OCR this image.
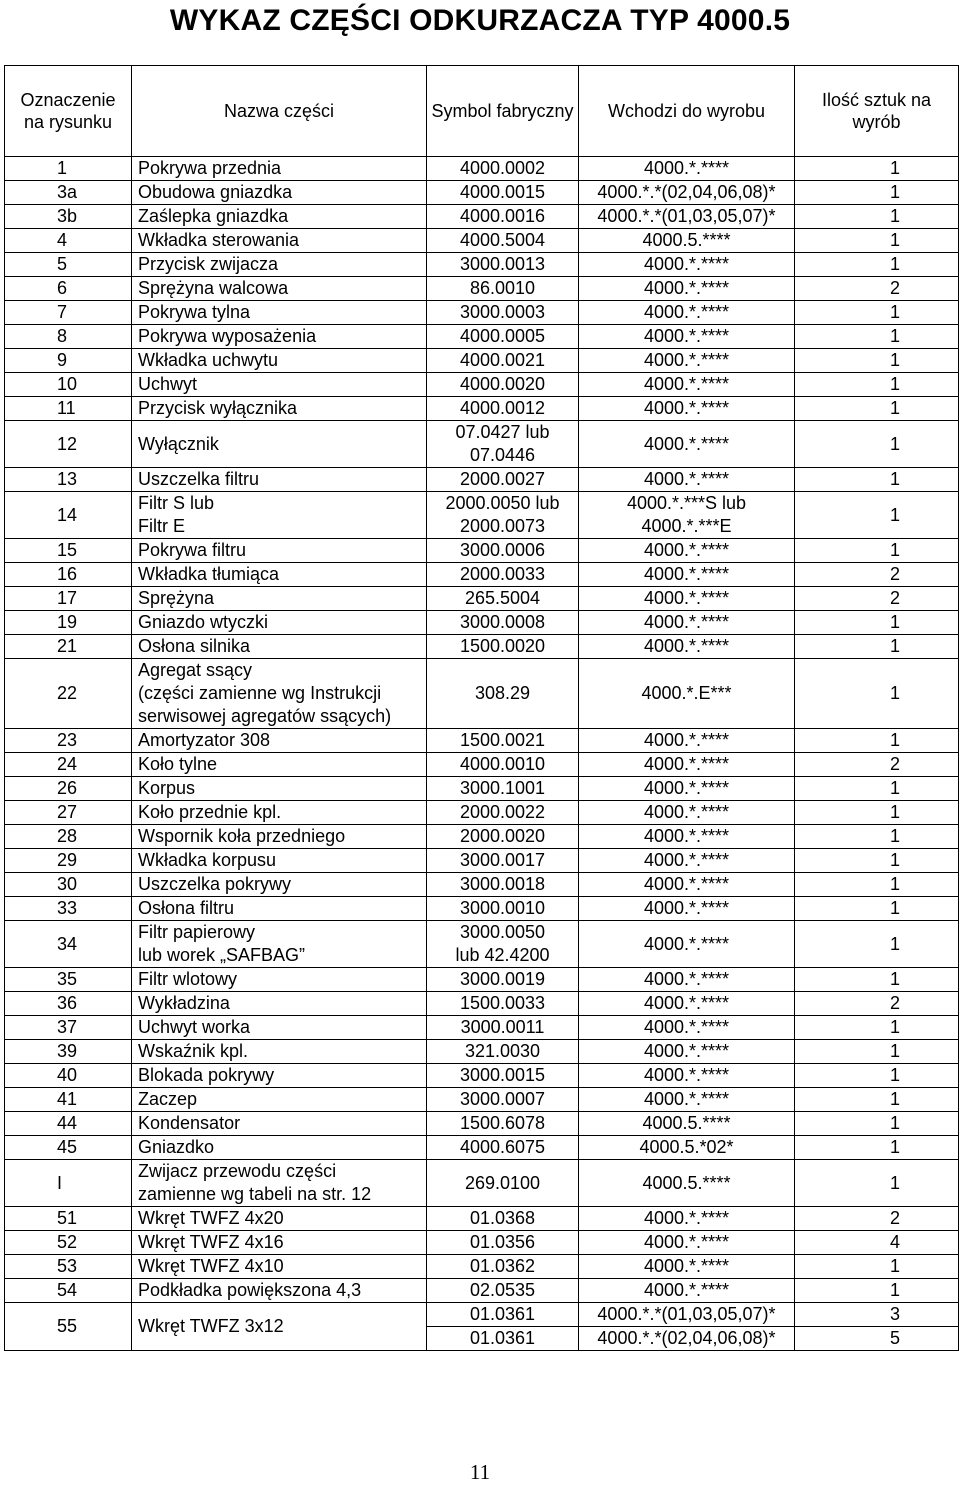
WYKAZ CZĘŚCI ODKURZACZA TYP 4000.5
Oznaczenie na rysunku	Nazwa części	Symbol fabryczny	Wchodzi do wyrobu	Ilość sztuk na wyrób
1	Pokrywa przednia	4000.0002	4000.*.****	1
3a	Obudowa gniazdka	4000.0015	4000.*.*(02,04,06,08)*	1
3b	Zaślepka gniazdka	4000.0016	4000.*.*(01,03,05,07)*	1
4	Wkładka sterowania	4000.5004	4000.5.****	1
5	Przycisk zwijacza	3000.0013	4000.*.****	1
6	Sprężyna walcowa	86.0010	4000.*.****	2
7	Pokrywa tylna	3000.0003	4000.*.****	1
8	Pokrywa wyposażenia	4000.0005	4000.*.****	1
9	Wkładka uchwytu	4000.0021	4000.*.****	1
10	Uchwyt	4000.0020	4000.*.****	1
11	Przycisk wyłącznika	4000.0012	4000.*.****	1
12	Wyłącznik	07.0427 lub
07.0446	4000.*.****	1
13	Uszczelka filtru	2000.0027	4000.*.****	1
14	Filtr S lub
Filtr E	2000.0050 lub
2000.0073	4000.*.***S lub
4000.*.***E	1
15	Pokrywa filtru	3000.0006	4000.*.****	1
16	Wkładka tłumiąca	2000.0033	4000.*.****	2
17	Sprężyna	265.5004	4000.*.****	2
19	Gniazdo wtyczki	3000.0008	4000.*.****	1
21	Osłona silnika	1500.0020	4000.*.****	1
22	Agregat ssący
(części zamienne wg Instrukcji
serwisowej agregatów ssących)	308.29	4000.*.E***	1
23	Amortyzator 308	1500.0021	4000.*.****	1
24	Koło tylne	4000.0010	4000.*.****	2
26	Korpus	3000.1001	4000.*.****	1
27	Koło przednie kpl.	2000.0022	4000.*.****	1
28	Wspornik koła przedniego	2000.0020	4000.*.****	1
29	Wkładka korpusu	3000.0017	4000.*.****	1
30	Uszczelka pokrywy	3000.0018	4000.*.****	1
33	Osłona filtru	3000.0010	4000.*.****	1
34	Filtr papierowy
lub worek „SAFBAG”	3000.0050
lub 42.4200	4000.*.****	1
35	Filtr wlotowy	3000.0019	4000.*.****	1
36	Wykładzina	1500.0033	4000.*.****	2
37	Uchwyt worka	3000.0011	4000.*.****	1
39	Wskaźnik kpl.	321.0030	4000.*.****	1
40	Blokada pokrywy	3000.0015	4000.*.****	1
41	Zaczep	3000.0007	4000.*.****	1
44	Kondensator	1500.6078	4000.5.****	1
45	Gniazdko	4000.6075	4000.5.*02*	1
I	Zwijacz przewodu części
zamienne wg tabeli na str. 12	269.0100	4000.5.****	1
51	Wkręt TWFZ 4x20	01.0368	4000.*.****	2
52	Wkręt TWFZ 4x16	01.0356	4000.*.****	4
53	Wkręt TWFZ 4x10	01.0362	4000.*.****	1
54	Podkładka powiększona 4,3	02.0535	4000.*.****	1
55	Wkręt TWFZ 3x12	01.0361	4000.*.*(01,03,05,07)*	3
		01.0361	4000.*.*(02,04,06,08)*	5
11
